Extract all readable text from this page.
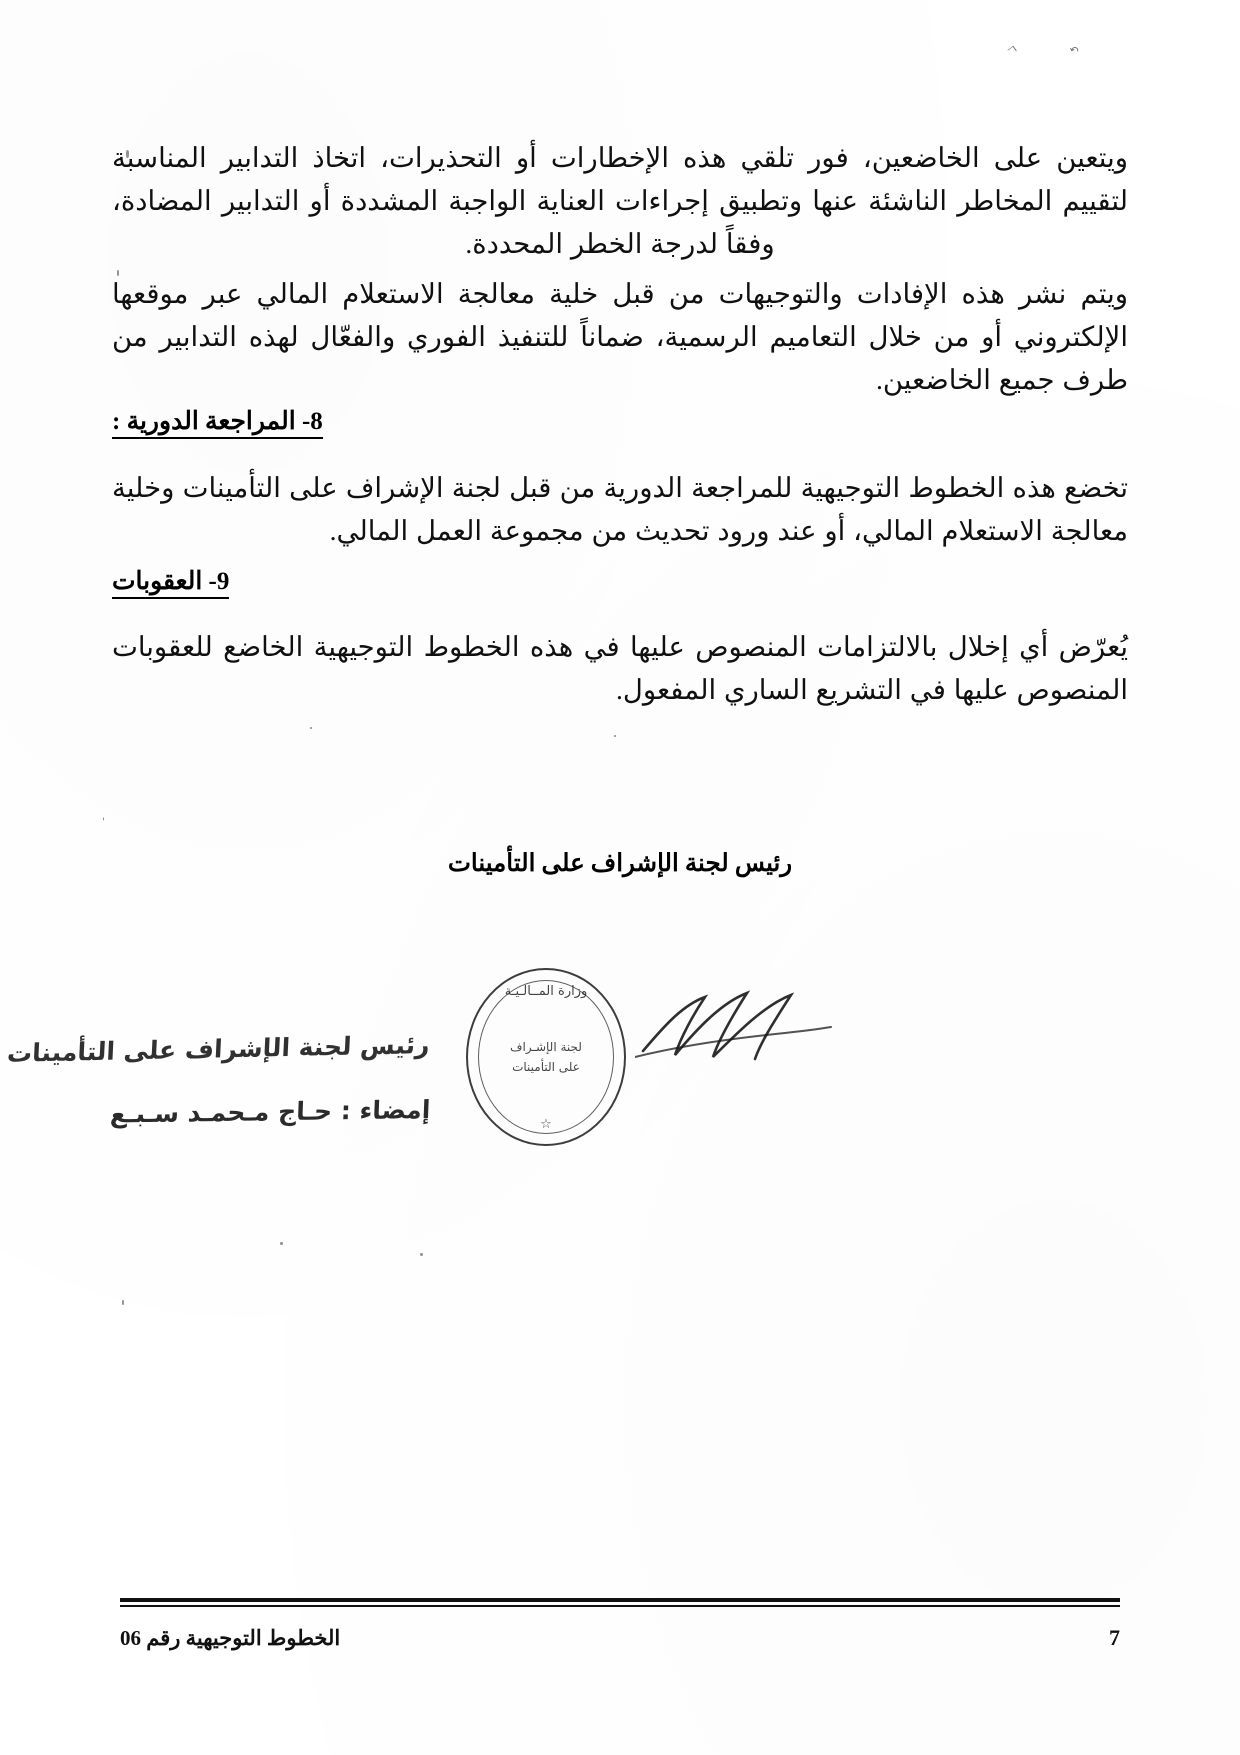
ㄱ	↶
ˊ

ويتعين على الخاضعين، فور تلقي هذه الإخطارات أو التحذيرات، اتخاذ التدابير المناسبة لتقييم المخاطر الناشئة عنها وتطبيق إجراءات العناية الواجبة المشددة أو التدابير المضادة، وفقاً لدرجة الخطر المحددة.

ويتم نشر هذه الإفادات والتوجيهات من قبل خلية معالجة الاستعلام المالي عبر موقعها الإلكتروني أو من خلال التعاميم الرسمية، ضماناً للتنفيذ الفوري والفعّال لهذه التدابير من طرف جميع الخاضعين.

8- المراجعة الدورية :

تخضع هذه الخطوط التوجيهية للمراجعة الدورية من قبل لجنة الإشراف على التأمينات وخلية معالجة الاستعلام المالي، أو عند ورود تحديث من مجموعة العمل المالي.

9- العقوبات

يُعرّض أي إخلال بالالتزامات المنصوص عليها في هذه الخطوط التوجيهية الخاضع للعقوبات المنصوص عليها في التشريع الساري المفعول.

رئيس لجنة الإشراف على التأمينات
رئيس لجنة الإشراف على التأمينات
إمضاء : حـاج مـحمـد سـبـع
وزارة المــالـيـة
لجنة الإشـراف
على التأمينات
☆
الخطوط التوجيهية رقم 06	7
